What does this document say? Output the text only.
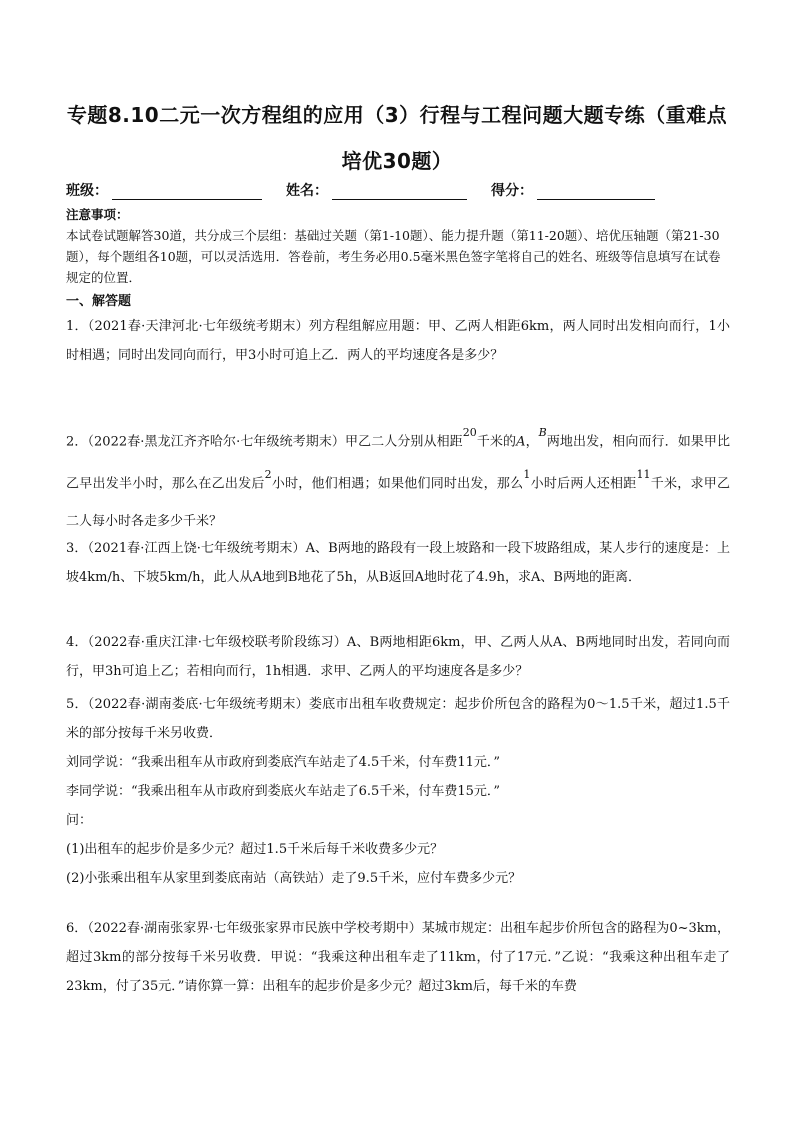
专题8.10二元一次方程组的应用（3）行程与工程问题大题专练（重难点
培优30题）
班级：	姓名：	得分：
注意事项：
本试卷试题解答30道，共分成三个层组：基础过关题（第1-10题）、能力提升题（第11-20题）、培优压轴题（第21-30题），每个题组各10题，可以灵活选用．答卷前，考生务必用0.5毫米黑色签字笔将自己的姓名、班级等信息填写在试卷规定的位置．
一、解答题
1．（2021春·天津河北·七年级统考期末）列方程组解应用题：甲、乙两人相距6km，两人同时出发相向而行，1小时相遇；同时出发同向而行，甲3小时可追上乙．两人的平均速度各是多少？
2．（2022春·黑龙江齐齐哈尔·七年级统考期末）甲乙二人分别从相距$^{20}$千米的A，$^B$两地出发，相向而行．如果甲比乙早出发半小时，那么在乙出发后$^2$小时，他们相遇；如果他们同时出发，那么$^1$小时后两人还相距$^{11}$千米，求甲乙二人每小时各走多少千米？
3．（2021春·江西上饶·七年级统考期末）A、B两地的路段有一段上坡路和一段下坡路组成，某人步行的速度是：上坡4km/h、下坡5km/h，此人从A地到B地花了5h，从B返回A地时花了4.9h，求A、B两地的距离．
4．（2022春·重庆江津·七年级校联考阶段练习）A、B两地相距6km，甲、乙两人从A、B两地同时出发，若同向而行，甲3h可追上乙；若相向而行，1h相遇．求甲、乙两人的平均速度各是多少？
5．（2022春·湖南娄底·七年级统考期末）娄底市出租车收费规定：起步价所包含的路程为0～1.5千米，超过1.5千米的部分按每千米另收费．
刘同学说：“我乘出租车从市政府到娄底汽车站走了4.5千米，付车费11元．”
李同学说：“我乘出租车从市政府到娄底火车站走了6.5千米，付车费15元．”
问：
(1)出租车的起步价是多少元？超过1.5千米后每千米收费多少元？
(2)小张乘出租车从家里到娄底南站（高铁站）走了9.5千米，应付车费多少元？
6．（2022春·湖南张家界·七年级张家界市民族中学校考期中）某城市规定：出租车起步价所包含的路程为0~3km，超过3km的部分按每千米另收费．甲说：“我乘这种出租车走了11km，付了17元．”乙说：“我乘这种出租车走了23km，付了35元．”请你算一算：出租车的起步价是多少元？超过3km后，每千米的车费
